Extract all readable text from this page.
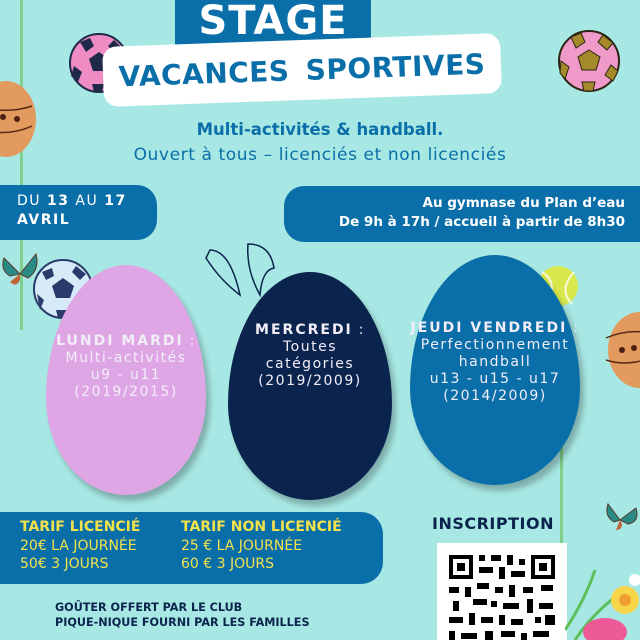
STAGE
VACANCES SPORTIVES
Multi-activités & handball.
Ouvert à tous – licenciés et non licenciés
DU 13 AU 17
AVRIL
Au gymnase du Plan d’eau
De 9h à 17h / accueil à partir de 8h30
LUNDI MARDI :
Multi-activités
u9 - u11
(2019/2015)
MERCREDI :
Toutes
catégories
(2019/2009)
JEUDI VENDREDI :
Perfectionnement
handball
u13 - u15 - u17
(2014/2009)
TARIF LICENCIÉ
20€ LA JOURNÉE
50€ 3 JOURS
TARIF NON LICENCIÉ
25 € LA JOURNÉE
60 € 3 JOURS
GOÛTER OFFERT PAR LE CLUB
PIQUE-NIQUE FOURNI PAR LES FAMILLES
INSCRIPTION
